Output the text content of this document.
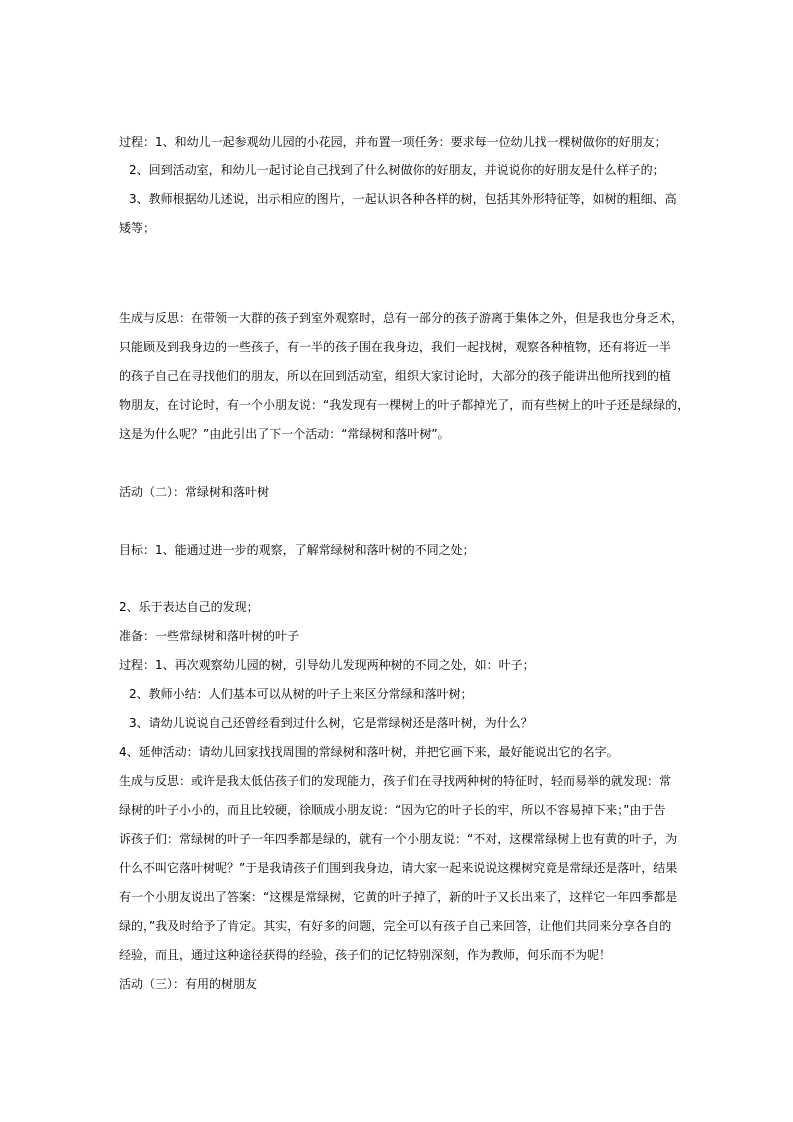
过程：1、和幼儿一起参观幼儿园的小花园，并布置一项任务：要求每一位幼儿找一棵树做你的好朋友；
2、回到活动室，和幼儿一起讨论自己找到了什么树做你的好朋友，并说说你的好朋友是什么样子的；
3、教师根据幼儿述说，出示相应的图片，一起认识各种各样的树，包括其外形特征等，如树的粗细、高
矮等；
生成与反思：在带领一大群的孩子到室外观察时，总有一部分的孩子游离于集体之外，但是我也分身乏术，
只能顾及到我身边的一些孩子，有一半的孩子围在我身边，我们一起找树，观察各种植物，还有将近一半
的孩子自己在寻找他们的朋友，所以在回到活动室，组织大家讨论时，大部分的孩子能讲出他所找到的植
物朋友，在讨论时，有一个小朋友说：“我发现有一棵树上的叶子都掉光了，而有些树上的叶子还是绿绿的，
这是为什么呢？”由此引出了下一个活动：“常绿树和落叶树”。
活动（二）：常绿树和落叶树
目标：1、能通过进一步的观察，了解常绿树和落叶树的不同之处；
2、乐于表达自己的发现；
准备：一些常绿树和落叶树的叶子
过程：1、再次观察幼儿园的树，引导幼儿发现两种树的不同之处，如：叶子；
2、教师小结：人们基本可以从树的叶子上来区分常绿和落叶树；
3、请幼儿说说自己还曾经看到过什么树，它是常绿树还是落叶树，为什么？
4、延伸活动：请幼儿回家找找周围的常绿树和落叶树，并把它画下来，最好能说出它的名字。
生成与反思：或许是我太低估孩子们的发现能力，孩子们在寻找两种树的特征时，轻而易举的就发现：常
绿树的叶子小小的，而且比较硬，徐顺成小朋友说：“因为它的叶子长的牢，所以不容易掉下来；”由于告
诉孩子们：常绿树的叶子一年四季都是绿的，就有一个小朋友说：“不对，这棵常绿树上也有黄的叶子，为
什么不叫它落叶树呢？”于是我请孩子们围到我身边，请大家一起来说说这棵树究竟是常绿还是落叶，结果
有一个小朋友说出了答案：“这棵是常绿树，它黄的叶子掉了，新的叶子又长出来了，这样它一年四季都是
绿的，”我及时给予了肯定。其实，有好多的问题，完全可以有孩子自己来回答，让他们共同来分享各自的
经验，而且，通过这种途径获得的经验，孩子们的记忆特别深刻，作为教师，何乐而不为呢！
活动（三）：有用的树朋友
